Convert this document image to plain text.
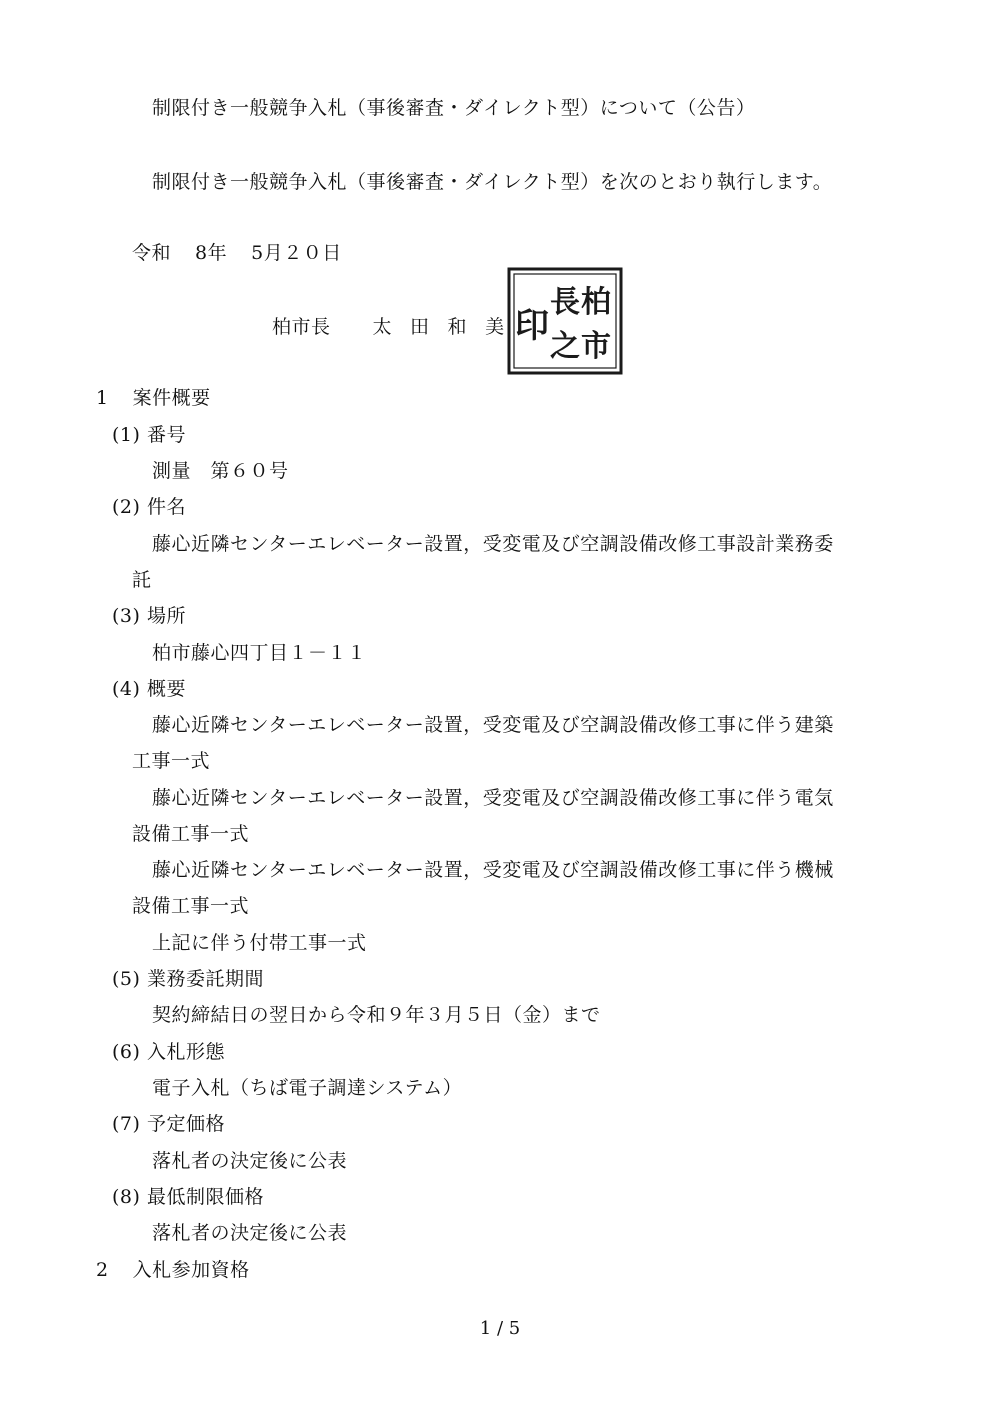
制限付き一般競争入札（事後審査・ダイレクト型）について（公告）
制限付き一般競争入札（事後審査・ダイレクト型）を次のとおり執行します。
令和 8年 5月２０日
柏市長 太 田 和 美
柏
市
長
之
印
1 案件概要
(1) 番号
測量　第６０号
(2) 件名
藤心近隣センターエレベーター設置，受変電及び空調設備改修工事設計業務委
託
(3) 場所
柏市藤心四丁目１－１１
(4) 概要
藤心近隣センターエレベーター設置，受変電及び空調設備改修工事に伴う建築
工事一式
藤心近隣センターエレベーター設置，受変電及び空調設備改修工事に伴う電気
設備工事一式
藤心近隣センターエレベーター設置，受変電及び空調設備改修工事に伴う機械
設備工事一式
上記に伴う付帯工事一式
(5) 業務委託期間
契約締結日の翌日から令和９年３月５日（金）まで
(6) 入札形態
電子入札（ちば電子調達システム）
(7) 予定価格
落札者の決定後に公表
(8) 最低制限価格
落札者の決定後に公表
2 入札参加資格
1 / 5
